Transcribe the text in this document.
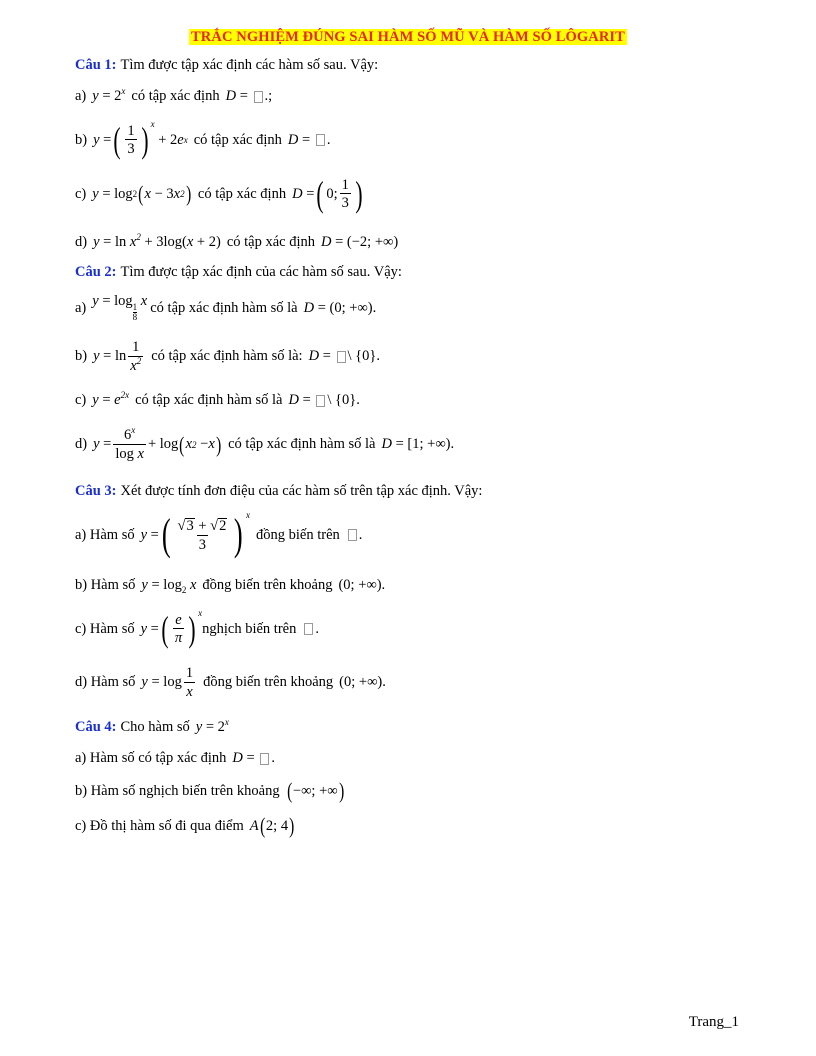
TRẮC NGHIỆM ĐÚNG SAI HÀM SỐ MŨ VÀ HÀM SỐ LÔGARIT
Câu 1: Tìm được tập xác định các hàm số sau. Vậy:
a) $y = 2^x$ có tập xác định D = .;
b) y = ( $\frac{1}{3}$ ) x
+ 2 e x có tập xác định D = .
c) y = log 2 ( x − 3 x 2 ) có tập xác định D = ( 0; $\frac{1}{3}$ )
d) $y = \ln x^2 + 3\log(x + 2)$ có tập xác định D = (−2; +∞)
Câu 2: Tìm được tập xác định của các hàm số sau. Vậy:
a) y = log 1
8

x có tập xác định hàm số là D = (0; +∞).
b) $y = \ln \frac{1}{x^2}$ có tập xác định hàm số là: D = \ {0}.
c) $y = e^{2x}$ có tập xác định hàm số là D = \ {0}.
d) $y = \frac{6^x}{\text{log x}} + \log$ ( x 2 − x ) có tập xác định hàm số là D = [1; +∞).
Câu 3: Xét được tính đơn điệu của các hàm số trên tập xác định. Vậy:
a) Hàm số y = ( $\frac{√ 3 + √ 2}{3}$ ) x
đồng biến trên	.
b) Hàm số $y = \log_2 x$ đồng biến trên khoảng (0; +∞).
c) Hàm số y = ( $\frac{e}{\pi}$ ) x
nghịch biến trên	.
d) Hàm số $y = \log \frac{1}{x}$ đồng biến trên khoảng (0; +∞).
Câu 4: Cho hàm số $y = 2^x$
a) Hàm số có tập xác định D = .
b) Hàm số nghịch biến trên khoảng ( −∞; +∞ )
c) Đồ thị hàm số đi qua điểm A ( 2; 4 )
Trang_1
